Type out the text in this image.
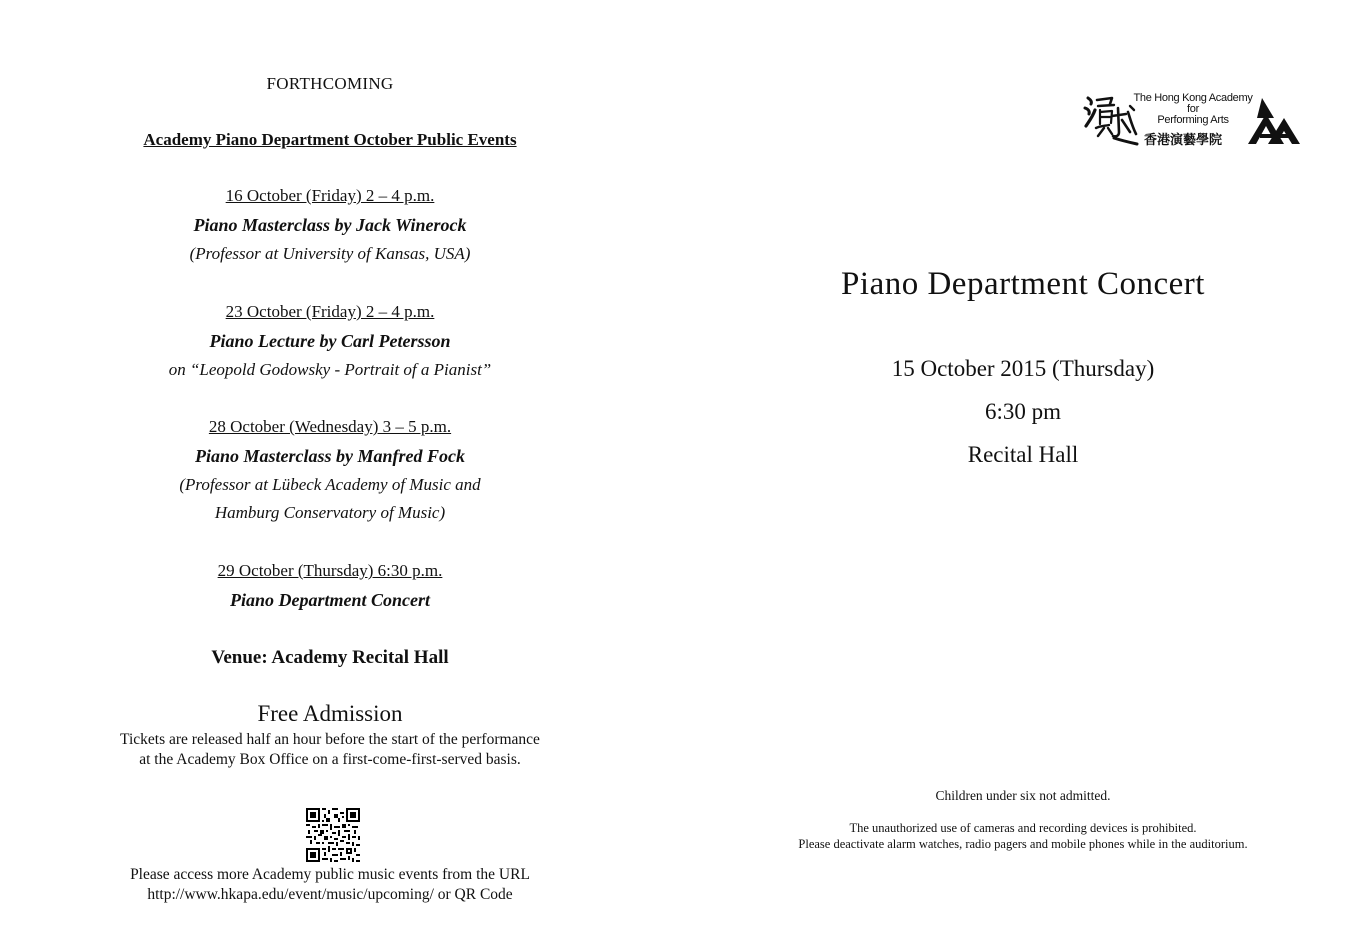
FORTHCOMING
Academy Piano Department October Public Events
16 October (Friday) 2 – 4 p.m.
Piano Masterclass by Jack Winerock
(Professor at University of Kansas, USA)
23 October (Friday) 2 – 4 p.m.
Piano Lecture by Carl Petersson
on “Leopold Godowsky - Portrait of a Pianist”
28 October (Wednesday) 3 – 5 p.m.
Piano Masterclass by Manfred Fock
(Professor at Lübeck Academy of Music and
Hamburg Conservatory of Music)
29 October (Thursday) 6:30 p.m.
Piano Department Concert
Venue: Academy Recital Hall
Free Admission
Tickets are released half an hour before the start of the performance
at the Academy Box Office on a first-come-first-served basis.
Please access more Academy public music events from the URL
http://www.hkapa.edu/event/music/upcoming/ or QR Code
The Hong Kong Academy
for
Performing Arts
香港演藝學院
Piano Department Concert
15 October 2015 (Thursday)
6:30 pm
Recital Hall
Children under six not admitted.
The unauthorized use of cameras and recording devices is prohibited.
Please deactivate alarm watches, radio pagers and mobile phones while in the auditorium.
